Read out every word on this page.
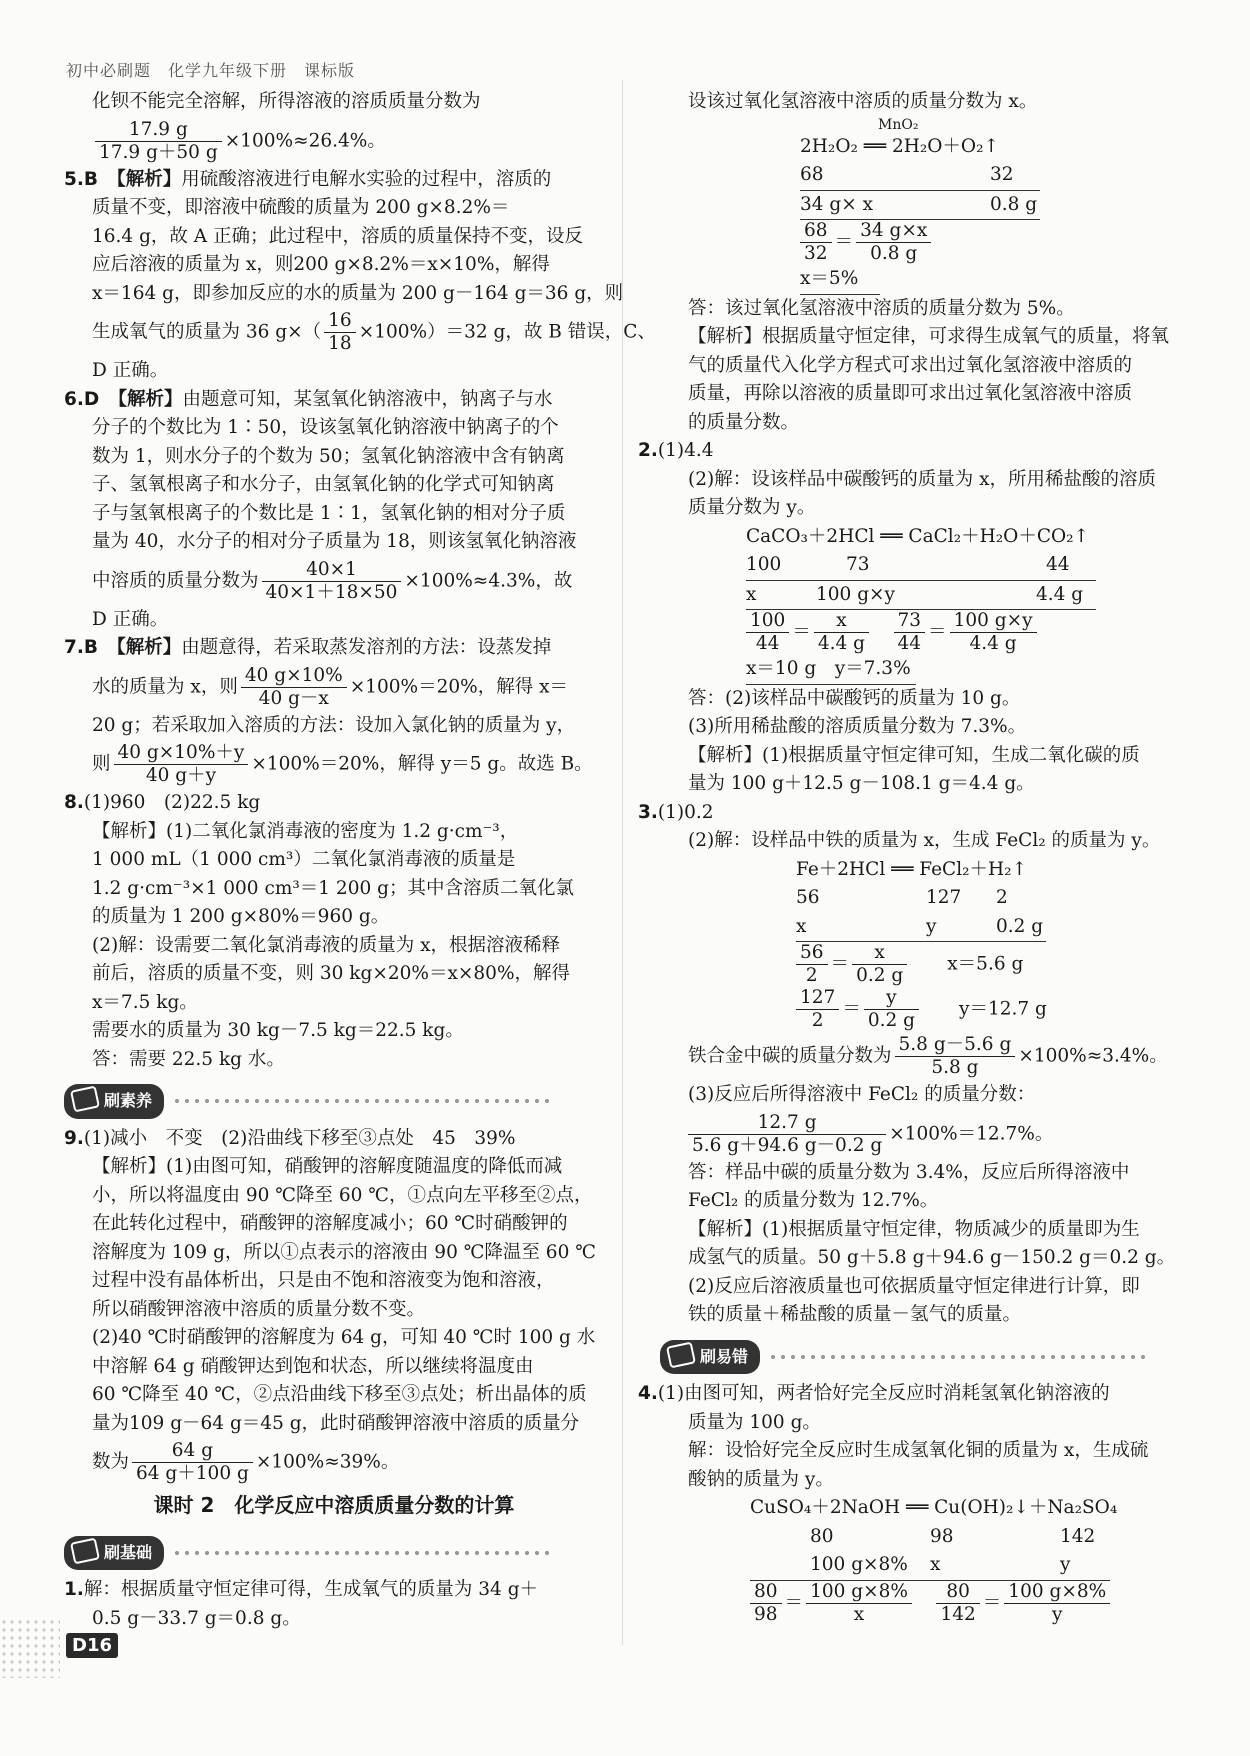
初中必刷题　化学九年级下册　课标版
化钡不能完全溶解，所得溶液的溶质质量分数为
$\frac{17.9 g}{17.9 g+50 g} \times 100\%\approx 26.4\%$。
5.B　 【解析】用硫酸溶液进行电解水实验的过程中，溶质的
质量不变，即溶液中硫酸的质量为 200 g×8.2%＝
16.4 g，故 A 正确；此过程中，溶质的质量保持不变，设反
应后溶液的质量为 x，则200 g×8.2%＝x×10%，解得
x＝164 g，即参加反应的水的质量为 200 g－164 g＝36 g，则
生成氧气的质量为 36 $g\times( \frac{16}{18} \times 100\%)=32$ g，故 B 错误，C、
D 正确。
6.D　 【解析】由题意可知，某氢氧化钠溶液中，钠离子与水
分子的个数比为 1∶50，设该氢氧化钠溶液中钠离子的个
数为 1，则水分子的个数为 50；氢氧化钠溶液中含有钠离
子、氢氧根离子和水分子，由氢氧化钠的化学式可知钠离
子与氢氧根离子的个数比是 1∶1，氢氧化钠的相对分子质
量为 40，水分子的相对分子质量为 18，则该氢氧化钠溶液
中溶质的质量分数为 $\frac{40\times 1}{40\times 1+18\times 50} \times 100\%\approx 4.3\%$，故
D 正确。
7.B　 【解析】由题意得，若采取蒸发溶剂的方法：设蒸发掉
水的质量为 x，则 $\frac{40 g\times 10\%}{40 g-x} \times 100\%=20\%$，解得 x＝
20 g；若采取加入溶质的方法：设加入氯化钠的质量为 y，
则 $\frac{40 g\times 10\%+y}{40 g+y} \times 100\%=20\%$，解得 y＝5 g。故选 B。
8.(1)960　(2)22.5 kg
【解析】(1)二氧化氯消毒液的密度为 1.2 g·cm⁻³，
1 000 mL（1 000 cm³）二氧化氯消毒液的质量是
1.2 g·cm⁻³×1 000 cm³＝1 200 g；其中含溶质二氧化氯
的质量为 1 200 g×80%＝960 g。
(2)解：设需要二氧化氯消毒液的质量为 x，根据溶液稀释
前后，溶质的质量不变，则 30 kg×20%＝x×80%，解得
x＝7.5 kg。
需要水的质量为 30 kg－7.5 kg＝22.5 kg。
答：需要 22.5 kg 水。
刷素养
9.(1)减小　不变　(2)沿曲线下移至③点处　45　39%
【解析】(1)由图可知，硝酸钾的溶解度随温度的降低而减
小，所以将温度由 90 ℃降至 60 ℃，①点向左平移至②点，
在此转化过程中，硝酸钾的溶解度减小；60 ℃时硝酸钾的
溶解度为 109 g，所以①点表示的溶液由 90 ℃降温至 60 ℃
过程中没有晶体析出，只是由不饱和溶液变为饱和溶液，
所以硝酸钾溶液中溶质的质量分数不变。
(2)40 ℃时硝酸钾的溶解度为 64 g，可知 40 ℃时 100 g 水
中溶解 64 g 硝酸钾达到饱和状态，所以继续将温度由
60 ℃降至 40 ℃，②点沿曲线下移至③点处；析出晶体的质
量为109 g－64 g＝45 g，此时硝酸钾溶液中溶质的质量分
数为 $\frac{64 g}{64 g+100 g} \times 100\%\approx 39\%$。
课时 2　化学反应中溶质质量分数的计算
刷基础
1.解：根据质量守恒定律可得，生成氧气的质量为 34 g＋
0.5 g－33.7 g＝0.8 g。
设该过氧化氢溶液中溶质的质量分数为 x。
MnO₂
2H₂O₂ ══ 2H₂O＋O₂↑
68	32
34 g× x	0.8 g
$\frac{68}{32} = \frac{34 g\times x}{0.8 g}$
x＝5%
答：该过氧化氢溶液中溶质的质量分数为 5%。
【解析】根据质量守恒定律，可求得生成氧气的质量，将氧
气的质量代入化学方程式可求出过氧化氢溶液中溶质的
质量，再除以溶液的质量即可求出过氧化氢溶液中溶质
的质量分数。
2.(1)4.4
(2)解：设该样品中碳酸钙的质量为 x，所用稀盐酸的溶质
质量分数为 y。
CaCO₃＋2HCl ══ CaCl₂＋H₂O＋CO₂↑
100	73	44
x	100 g×y	4.4 g
$\frac{100}{44} = \frac{x}{4.4 g}$
　 $\frac{73}{44} = \frac{100 g\times y}{4.4 g}$
x＝10 g　y＝7.3%
答：(2)该样品中碳酸钙的质量为 10 g。
(3)所用稀盐酸的溶质质量分数为 7.3%。
【解析】(1)根据质量守恒定律可知，生成二氧化碳的质
量为 100 g＋12.5 g－108.1 g＝4.4 g。
3.(1)0.2
(2)解：设样品中铁的质量为 x，生成 FeCl₂ 的质量为 y。
Fe＋2HCl ══ FeCl₂＋H₂↑
56	127	2
x	y	0.2 g
$\frac{56}{2} = \frac{x}{0.2 g}$
　　 x＝5.6 g
$\frac{127}{2} = \frac{y}{0.2 g}$
　　 y＝12.7 g
铁合金中碳的质量分数为 $\frac{5.8 g-5.6 g}{5.8 g} \times 100\%\approx 3.4\%$。
(3)反应后所得溶液中 FeCl₂ 的质量分数：
$\frac{12.7 g}{5.6 g+94.6 g-0.2 g} \times 100\%=12.7\%$。
答：样品中碳的质量分数为 3.4%，反应后所得溶液中
FeCl₂ 的质量分数为 12.7%。
【解析】(1)根据质量守恒定律，物质减少的质量即为生
成氢气的质量。50 g＋5.8 g＋94.6 g－150.2 g＝0.2 g。
(2)反应后溶液质量也可依据质量守恒定律进行计算，即
铁的质量＋稀盐酸的质量－氢气的质量。
刷易错
4.(1)由图可知，两者恰好完全反应时消耗氢氧化钠溶液的
质量为 100 g。
解：设恰好完全反应时生成氢氧化铜的质量为 x，生成硫
酸钠的质量为 y。
CuSO₄＋2NaOH ══ Cu(OH)₂↓＋Na₂SO₄
80	98	142
100 g×8%	x	y
$\frac{80}{98} = \frac{100 g\times 8\%}{x}$
　 $\frac{80}{142} = \frac{100 g\times 8\%}{y}$
D16
